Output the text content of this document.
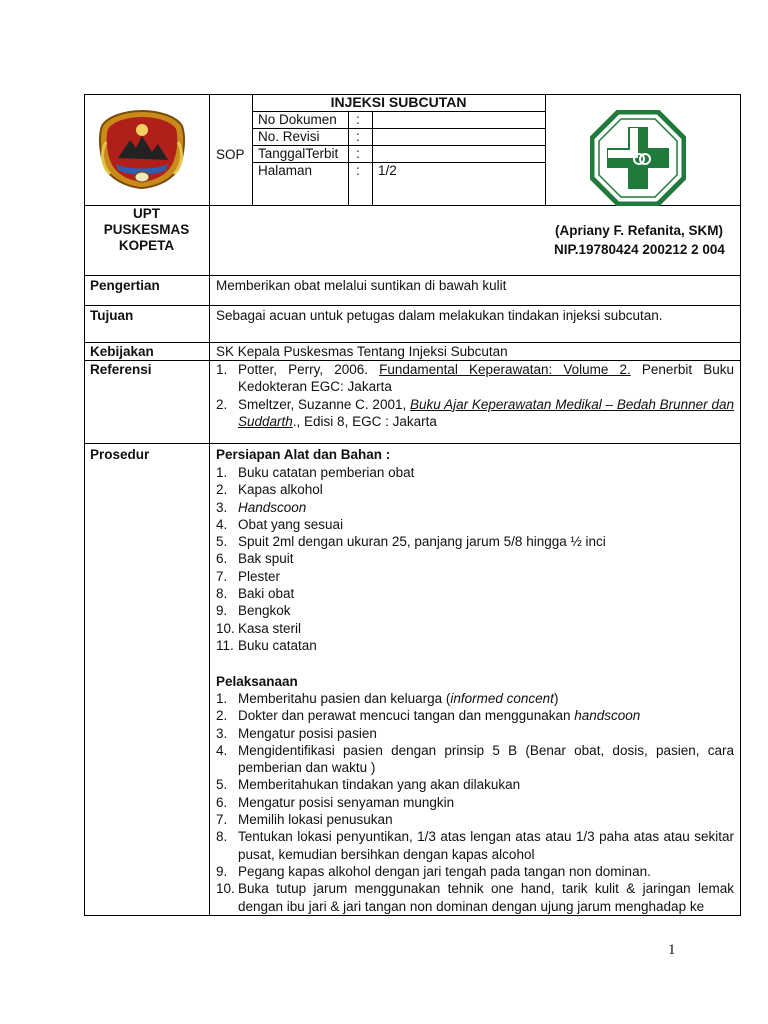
SOP
INJEKSI SUBCUTAN
No Dokumen :
No. Revisi	:
TanggalTerbit :
Halaman	: 1/2
UPT
PUSKESMAS
KOPETA
(Apriany F. Refanita, SKM)
NIP.19780424 200212 2 004
Pengertian	Memberikan obat melalui suntikan di bawah kulit
Tujuan	Sebagai acuan untuk petugas dalam melakukan tindakan injeksi subcutan.
Kebijakan	SK Kepala Puskesmas Tentang Injeksi Subcutan
Referensi	1. Potter, Perry, 2006. Fundamental Keperawatan: Volume 2. Penerbit Buku Kedokteran EGC: Jakarta
2. Smeltzer, Suzanne C. 2001, Buku Ajar Keperawatan Medikal – Bedah Brunner dan Suddarth., Edisi 8, EGC : Jakarta
Prosedur	Persiapan Alat dan Bahan :
1. Buku catatan pemberian obat
2. Kapas alkohol
3. Handscoon
4. Obat yang sesuai
5. Spuit 2ml dengan ukuran 25, panjang jarum 5/8 hingga ½ inci
6. Bak spuit
7. Plester
8. Baki obat
9. Bengkok
10. Kasa steril
11. Buku catatan
Pelaksanaan
1. Memberitahu pasien dan keluarga (informed concent)
2. Dokter dan perawat mencuci tangan dan menggunakan handscoon
3. Mengatur posisi pasien
4. Mengidentifikasi pasien dengan prinsip 5 B (Benar obat, dosis, pasien, cara pemberian dan waktu )
5. Memberitahukan tindakan yang akan dilakukan
6. Mengatur posisi senyaman mungkin
7. Memilih lokasi penusukan
8. Tentukan lokasi penyuntikan, 1/3 atas lengan atas atau 1/3 paha atas atau sekitar pusat, kemudian bersihkan dengan kapas alcohol
9. Pegang kapas alkohol dengan jari tengah pada tangan non dominan.
10. Buka tutup jarum menggunakan tehnik one hand, tarik kulit & jaringan lemak dengan ibu jari & jari tangan non dominan dengan ujung jarum menghadap ke
1
